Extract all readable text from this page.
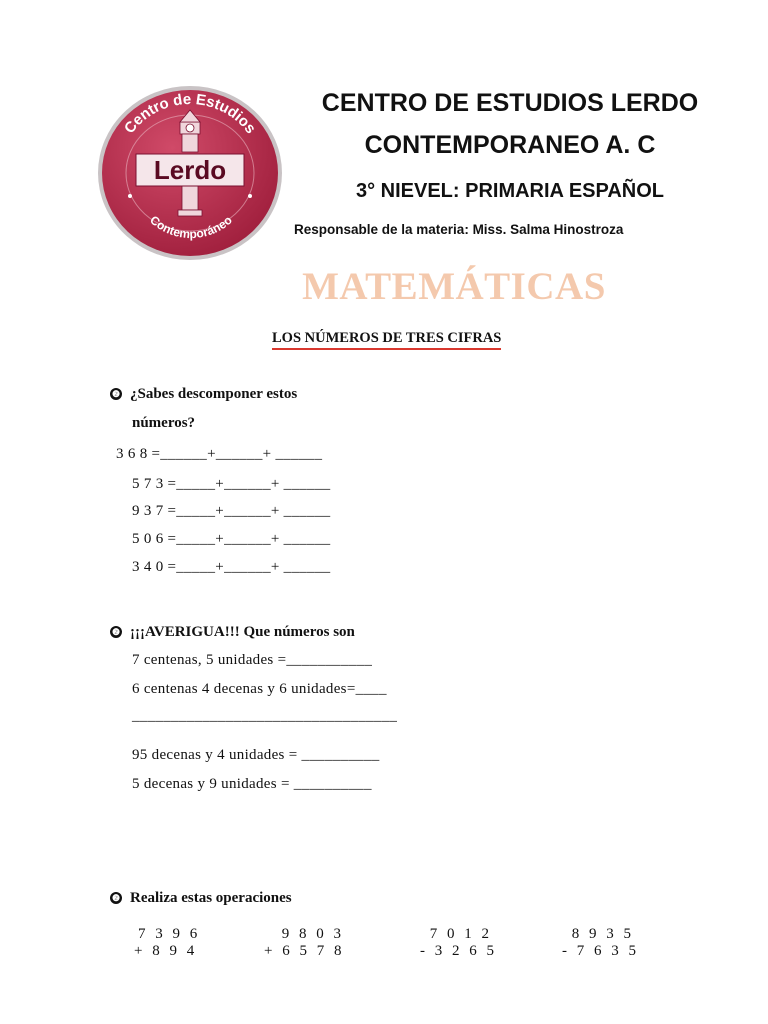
Centro de Estudios
Lerdo
Contemporáneo
CENTRO DE ESTUDIOS LERDO
CONTEMPORANEO A. C
3° NIEVEL: PRIMARIA ESPAÑOL
Responsable de la materia: Miss. Salma Hinostroza
MATEMÁTICAS
LOS NÚMEROS DE TRES CIFRAS
❷ ¿Sabes descomponer estos
números?
3 6 8 =______+______+ ______
5 7 3 =_____+______+ ______
9 3 7 =_____+______+ ______
5 0 6 =_____+______+ ______
3 4 0 =_____+______+ ______
❷ ¡¡¡AVERIGUA!!! Que números son
7 centenas, 5 unidades =___________
6 centenas 4 decenas y 6 unidades=____
__________________________________
95 decenas y 4 unidades = __________
5 decenas y 9 unidades = __________
❷ Realiza estas operaciones
7 3 9 6
+ 8 9 4
9 8 0 3
+ 6 5 7 8
7 0 1 2
- 3 2 6 5
8 9 3 5
- 7 6 3 5
